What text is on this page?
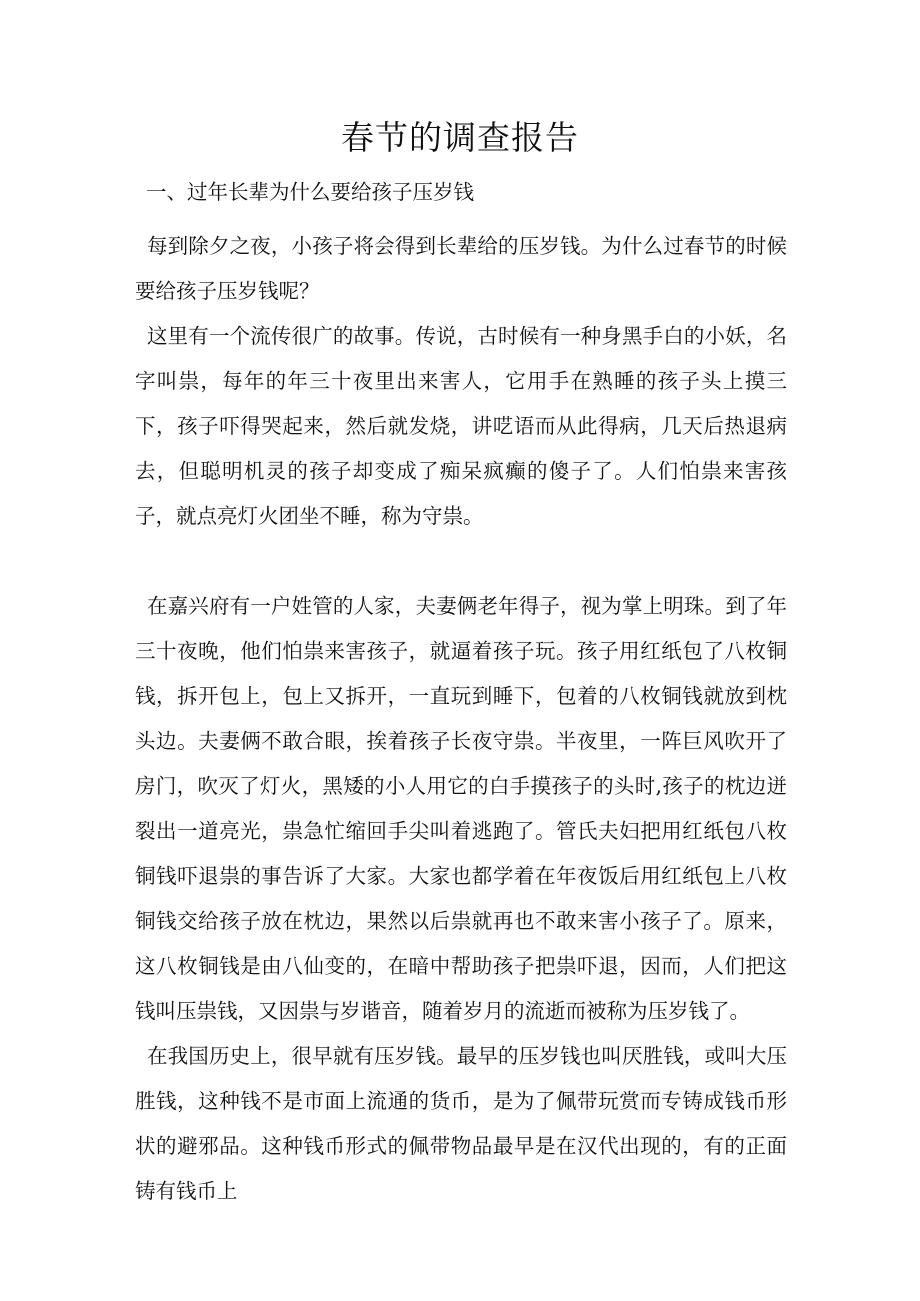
春节的调查报告
一、过年长辈为什么要给孩子压岁钱

每到除夕之夜，小孩子将会得到长辈给的压岁钱。为什么过春节的时候要给孩子压岁钱呢？

这里有一个流传很广的故事。传说，古时候有一种身黑手白的小妖，名字叫祟，每年的年三十夜里出来害人，它用手在熟睡的孩子头上摸三下，孩子吓得哭起来，然后就发烧，讲呓语而从此得病，几天后热退病去，但聪明机灵的孩子却变成了痴呆疯癫的傻子了。人们怕祟来害孩子，就点亮灯火团坐不睡，称为守祟。

在嘉兴府有一户姓管的人家，夫妻俩老年得子，视为掌上明珠。到了年三十夜晚，他们怕祟来害孩子，就逼着孩子玩。孩子用红纸包了八枚铜钱，拆开包上，包上又拆开，一直玩到睡下，包着的八枚铜钱就放到枕头边。夫妻俩不敢合眼，挨着孩子长夜守祟。半夜里，一阵巨风吹开了房门，吹灭了灯火，黑矮的小人用它的白手摸孩子的头时,孩子的枕边迸裂出一道亮光，祟急忙缩回手尖叫着逃跑了。管氏夫妇把用红纸包八枚铜钱吓退祟的事告诉了大家。大家也都学着在年夜饭后用红纸包上八枚铜钱交给孩子放在枕边，果然以后祟就再也不敢来害小孩子了。原来，这八枚铜钱是由八仙变的，在暗中帮助孩子把祟吓退，因而，人们把这钱叫压祟钱，又因祟与岁谐音，随着岁月的流逝而被称为压岁钱了。

在我国历史上，很早就有压岁钱。最早的压岁钱也叫厌胜钱，或叫大压胜钱，这种钱不是市面上流通的货币，是为了佩带玩赏而专铸成钱币形状的避邪品。这种钱币形式的佩带物品最早是在汉代出现的，有的正面铸有钱币上
